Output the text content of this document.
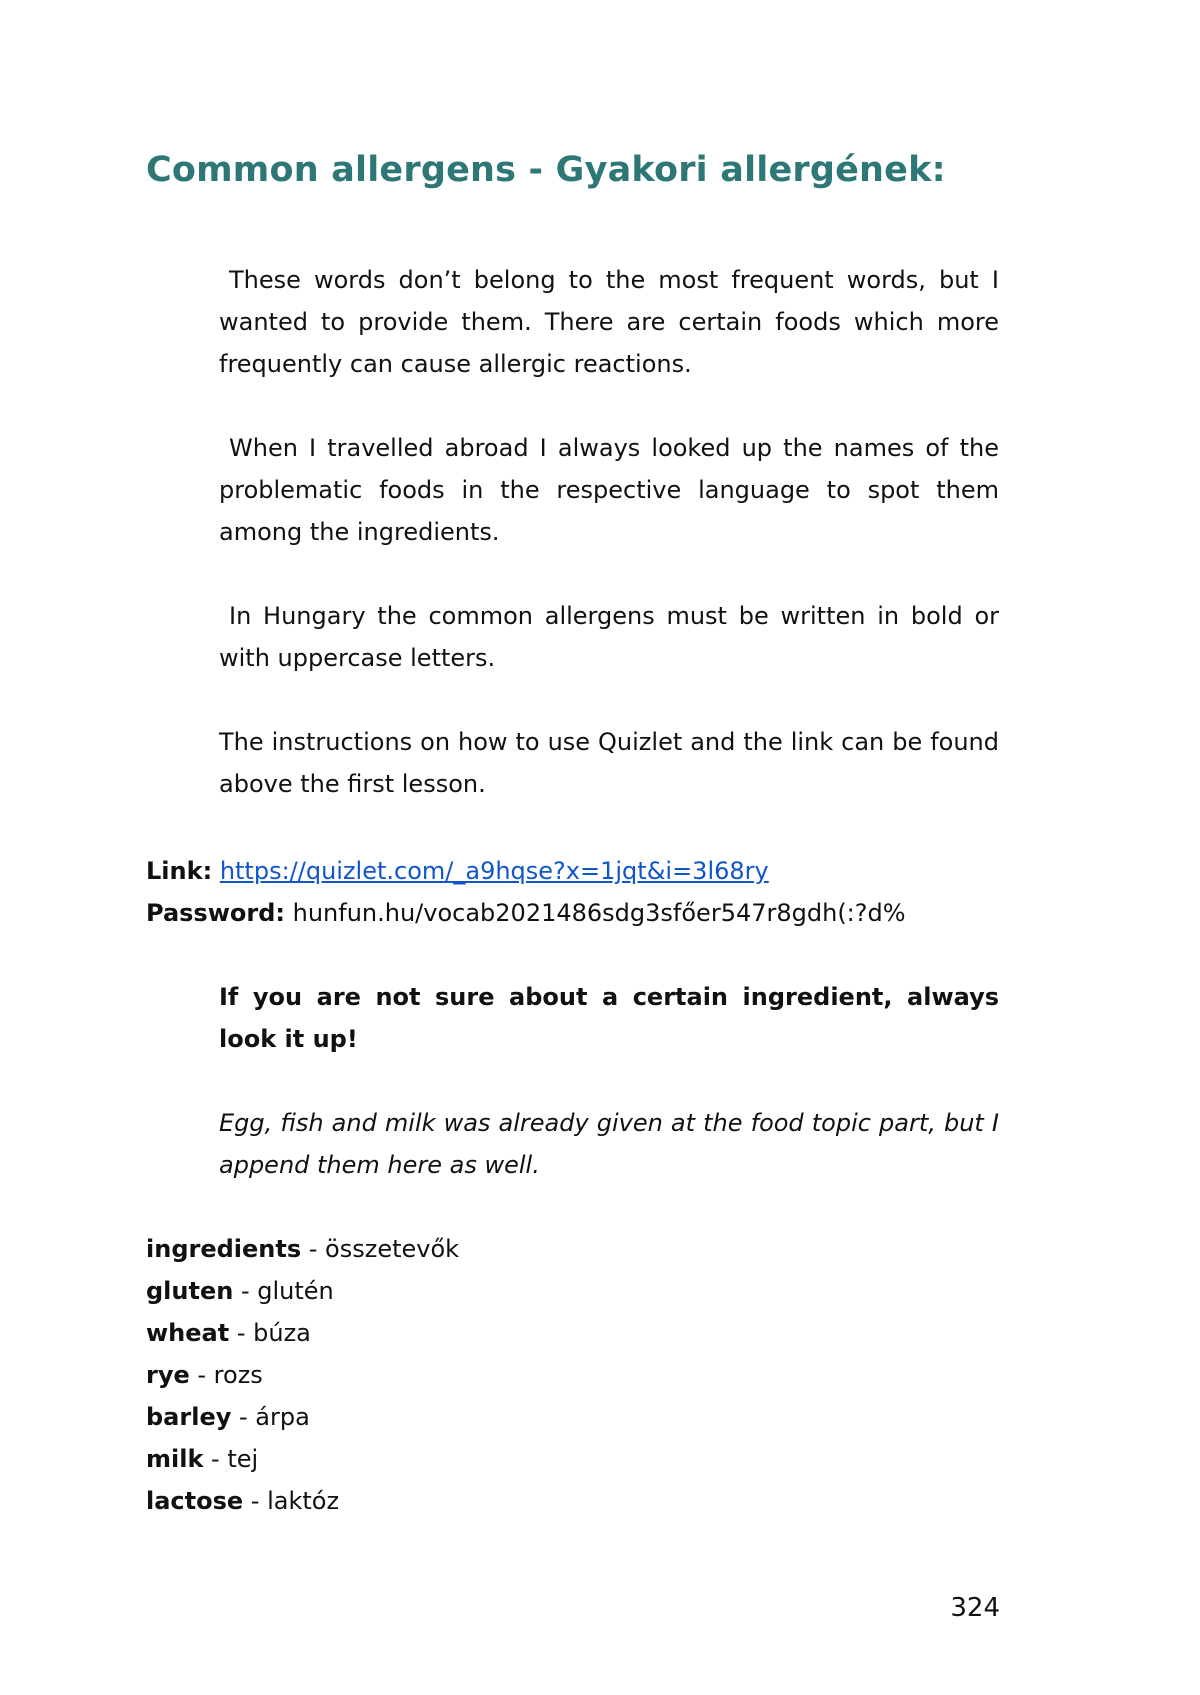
Common allergens - Gyakori allergének:

These words don’t belong to the most frequent words, but I wanted to provide them. There are certain foods which more frequently can cause allergic reactions.

When I travelled abroad I always looked up the names of the problematic foods in the respective language to spot them among the ingredients.

In Hungary the common allergens must be written in bold or with uppercase letters.

The instructions on how to use Quizlet and the link can be found above the first lesson.

Link: https://quizlet.com/_a9hqse?x=1jqt&i=3l68ry

Password: hunfun.hu/vocab2021486sdg3sfőer547r8gdh(:?d%

If you are not sure about a certain ingredient, always look it up!

Egg, fish and milk was already given at the food topic part, but I append them here as well.

ingredients - összetevők
gluten - glutén
wheat - búza
rye - rozs
barley - árpa
milk - tej
lactose - laktóz
324
